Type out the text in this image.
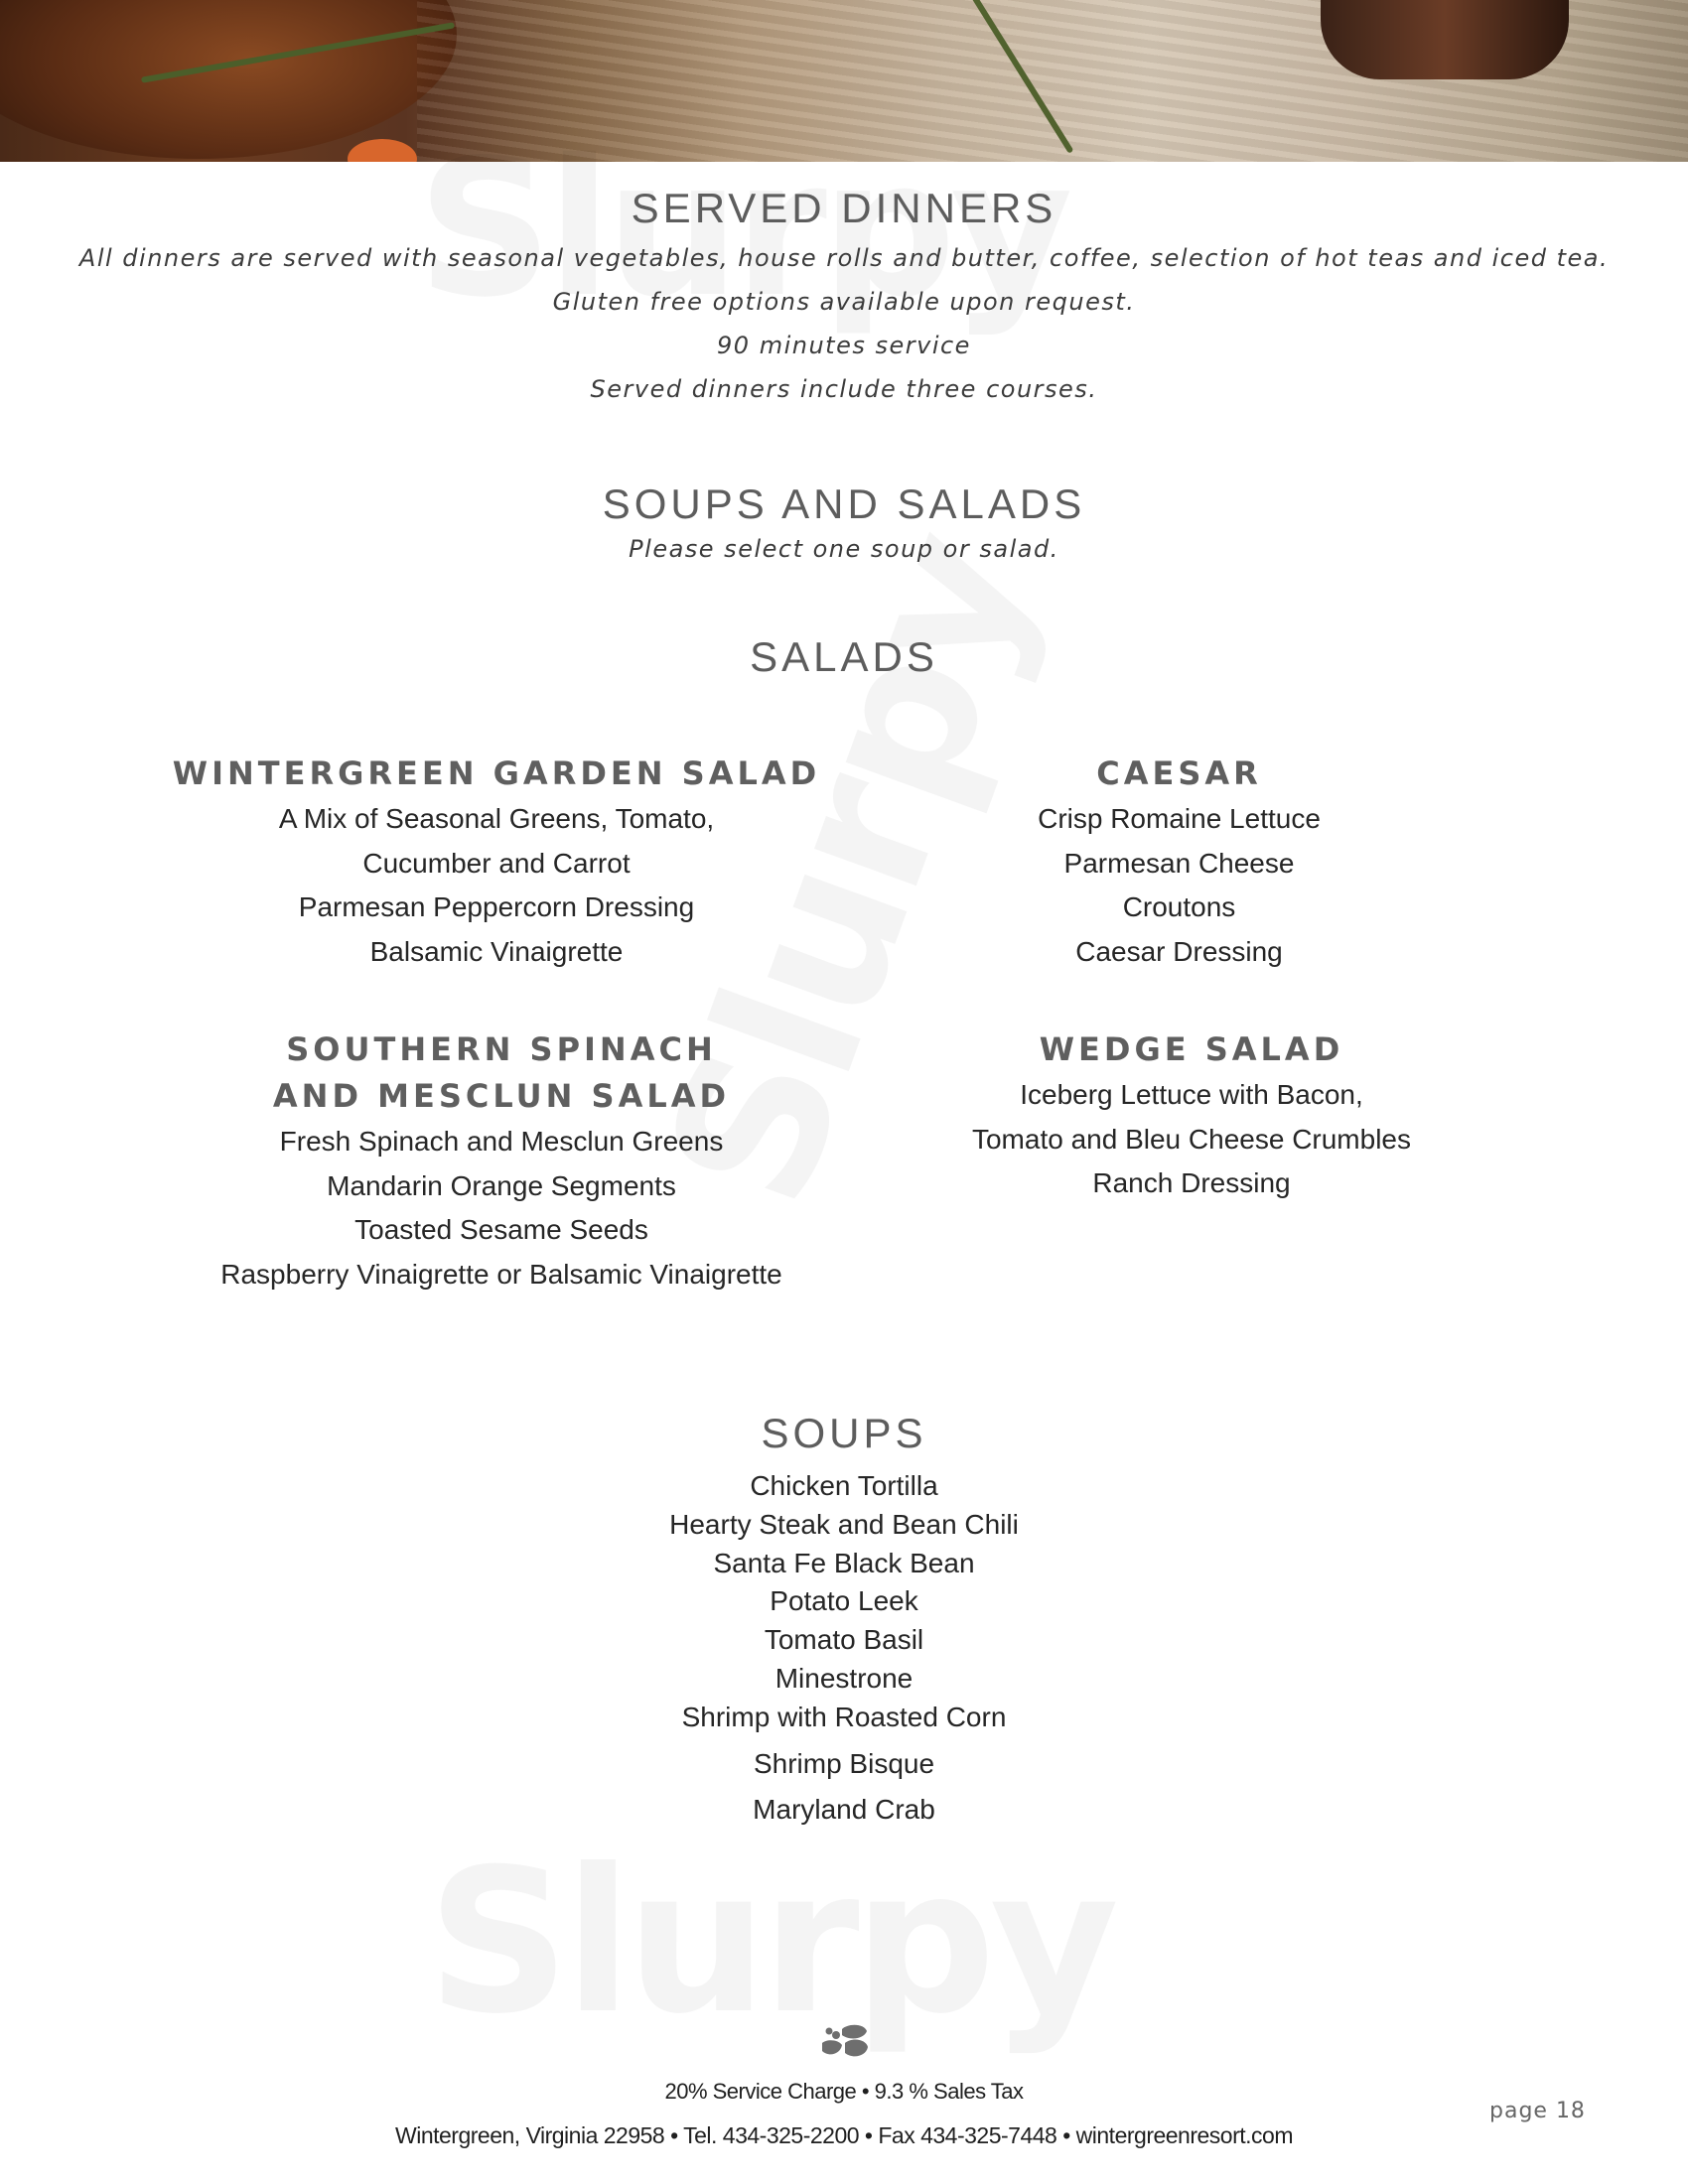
SERVED DINNERS
All dinners are served with seasonal vegetables, house rolls and butter, coffee, selection of hot teas and iced tea.
Gluten free options available upon request.
90 minutes service
Served dinners include three courses.
SOUPS AND SALADS
Please select one soup or salad.
SALADS
WINTERGREEN GARDEN SALAD
A Mix of Seasonal Greens, Tomato,
Cucumber and Carrot
Parmesan Peppercorn Dressing
Balsamic Vinaigrette
CAESAR
Crisp Romaine Lettuce
Parmesan Cheese
Croutons
Caesar Dressing
SOUTHERN SPINACH
AND MESCLUN SALAD
Fresh Spinach and Mesclun Greens
Mandarin Orange Segments
Toasted Sesame Seeds
Raspberry Vinaigrette or Balsamic Vinaigrette
WEDGE SALAD
Iceberg Lettuce with Bacon,
Tomato and Bleu Cheese Crumbles
Ranch Dressing
SOUPS
Chicken Tortilla
Hearty Steak and Bean Chili
Santa Fe Black Bean
Potato Leek
Tomato Basil
Minestrone
Shrimp with Roasted Corn
Shrimp Bisque
Maryland Crab
20% Service Charge • 9.3 % Sales Tax
Wintergreen, Virginia 22958 • Tel. 434-325-2200 • Fax 434-325-7448 • wintergreenresort.com
page 18
